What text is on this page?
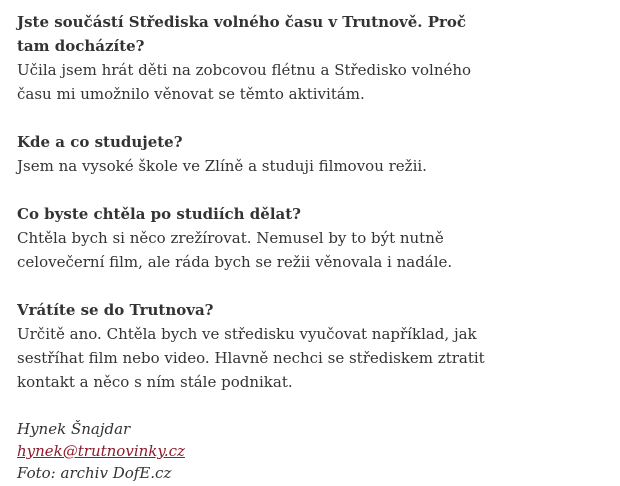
Jste součástí Střediska volného času v Trutnově. Proč tam docházíte?

Učila jsem hrát děti na zobcovou flétnu a Středisko volného času mi umožnilo věnovat se těmto aktivitám.

Kde a co studujete?

Jsem na vysoké škole ve Zlíně a studuji filmovou režii.

Co byste chtěla po studiích dělat?

Chtěla bych si něco zrežírovat. Nemusel by to být nutně celovečerní film, ale ráda bych se režii věnovala i nadále.

Vrátíte se do Trutnova?

Určitě ano. Chtěla bych ve středisku vyučovat například, jak sestříhat film nebo video. Hlavně nechci se střediskem ztratit kontakt a něco s ním stále podnikat.

Hynek Šnajdar
hynek@trutnovinky.cz
Foto: archiv DofE.cz
